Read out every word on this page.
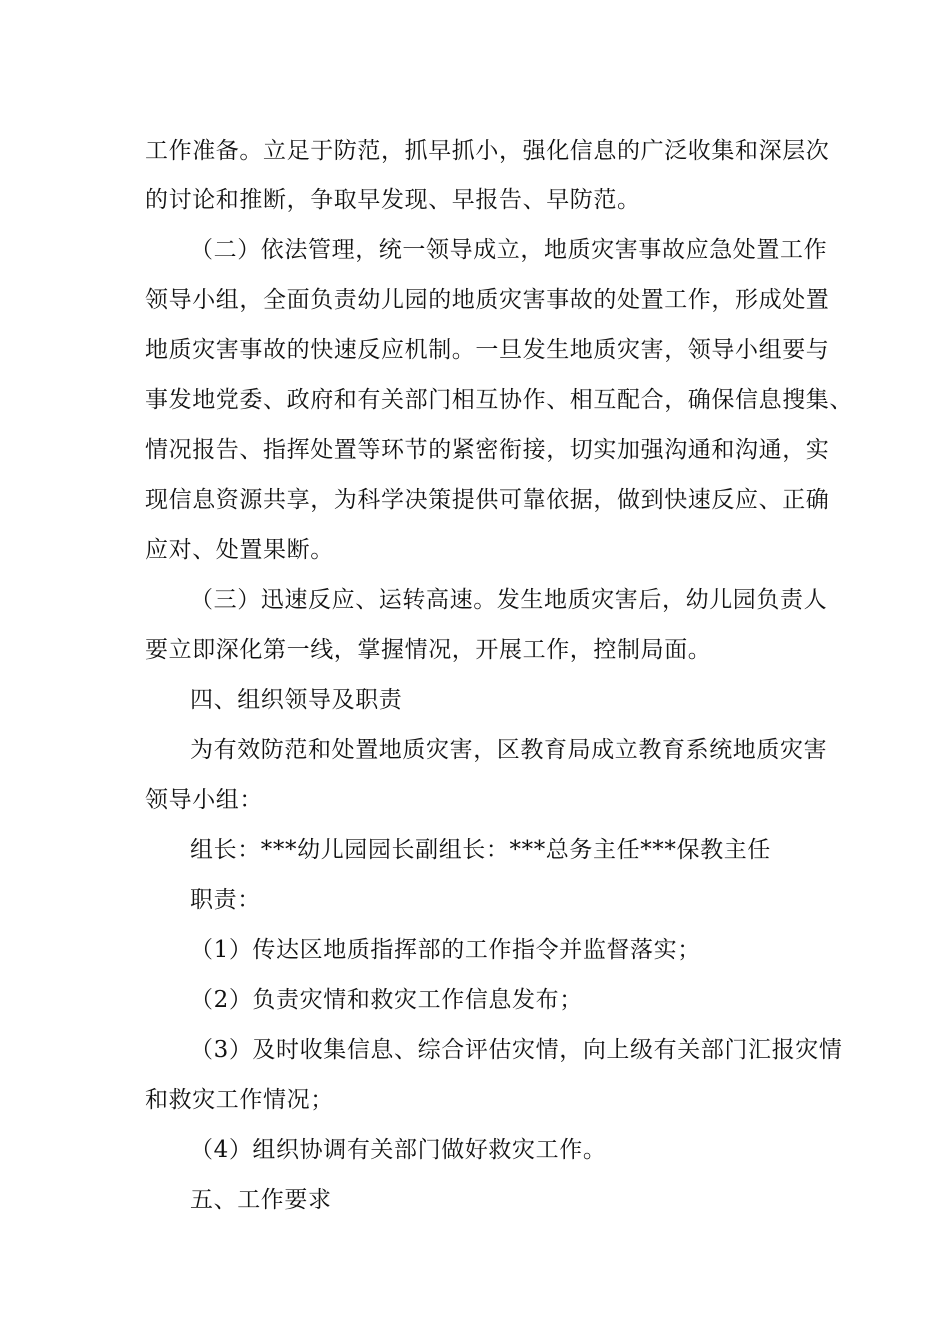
工作准备。立足于防范，抓早抓小，强化信息的广泛收集和深层次
的讨论和推断，争取早发现、早报告、早防范。
（二）依法管理，统一领导成立，地质灾害事故应急处置工作
领导小组，全面负责幼儿园的地质灾害事故的处置工作，形成处置
地质灾害事故的快速反应机制。一旦发生地质灾害，领导小组要与
事发地党委、政府和有关部门相互协作、相互配合，确保信息搜集、
情况报告、指挥处置等环节的紧密衔接，切实加强沟通和沟通，实
现信息资源共享，为科学决策提供可靠依据，做到快速反应、正确
应对、处置果断。
（三）迅速反应、运转高速。发生地质灾害后，幼儿园负责人
要立即深化第一线，掌握情况，开展工作，控制局面。
四、组织领导及职责
为有效防范和处置地质灾害，区教育局成立教育系统地质灾害
领导小组：
组长：***幼儿园园长副组长：***总务主任***保教主任
职责：
（1）传达区地质指挥部的工作指令并监督落实；
（2）负责灾情和救灾工作信息发布；
（3）及时收集信息、综合评估灾情，向上级有关部门汇报灾情
和救灾工作情况；
（4）组织协调有关部门做好救灾工作。
五、工作要求
